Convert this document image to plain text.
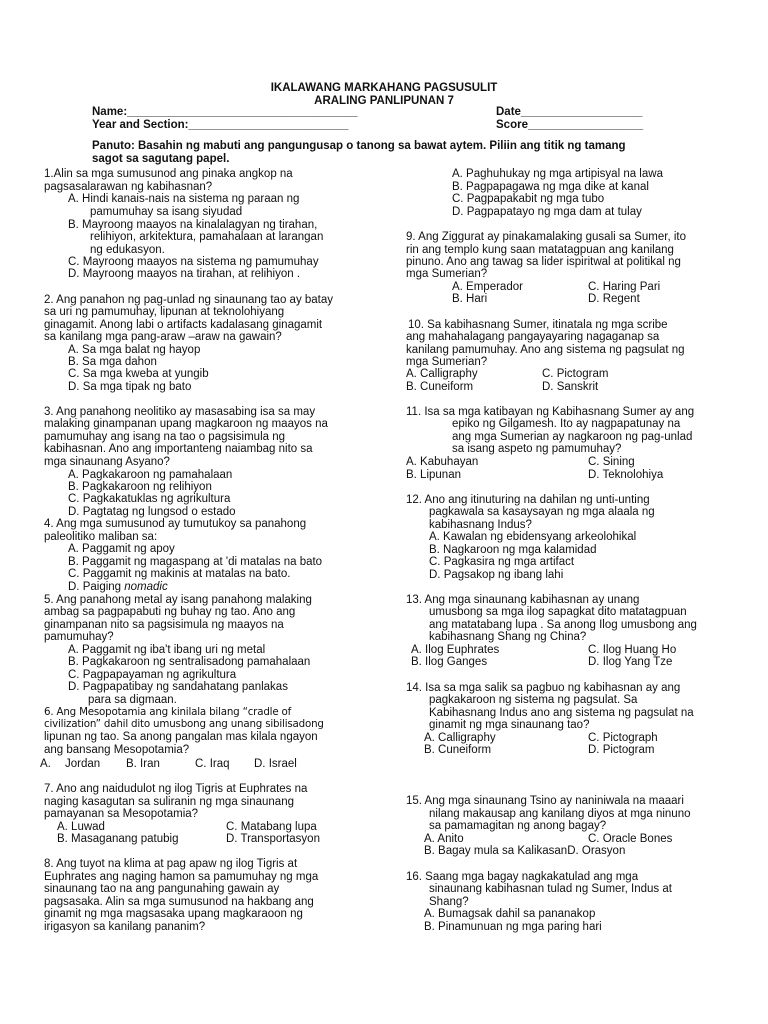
IKALAWANG MARKAHANG PAGSUSULIT
ARALING PANLIPUNAN 7
Name:____________________________________	Date___________________
Year and Section:_________________________	Score__________________
Panuto: Basahin ng mabuti ang pangungusap o tanong sa bawat aytem. Piliin ang titik ng tamang
sagot sa sagutang papel.
1.Alin sa mga sumusunod ang pinaka angkop na
pagsasalarawan ng kabihasnan?
A. Hindi kanais-nais na sistema ng paraan ng
pamumuhay sa isang siyudad
B. Mayroong maayos na kinalalagyan ng tirahan,
relihiyon, arkitektura, pamahalaan at larangan
ng edukasyon.
C. Mayroong maayos na sistema ng pamumuhay
D. Mayroong maayos na tirahan, at relihiyon .
2. Ang panahon ng pag-unlad ng sinaunang tao ay batay
sa uri ng pamumuhay, lipunan at teknolohiyang
ginagamit. Anong labi o artifacts kadalasang ginagamit
sa kanilang mga pang-araw –araw na gawain?
A. Sa mga balat ng hayop
B. Sa mga dahon
C. Sa mga kweba at yungib
D. Sa mga tipak ng bato
3. Ang panahong neolitiko ay masasabing isa sa may
malaking ginampanan upang magkaroon ng maayos na
pamumuhay ang isang na tao o pagsisimula ng
kabihasnan. Ano ang importanteng naiambag nito sa
mga sinaunang Asyano?
A. Pagkakaroon ng pamahalaan
B. Pagkakaroon ng relihiyon
C. Pagkakatuklas ng agrikultura
D. Pagtatag ng lungsod o estado
4. Ang mga sumusunod ay tumutukoy sa panahong
paleolitiko maliban sa:
A. Paggamit ng apoy
B. Paggamit ng magaspang at 'di matalas na bato
C. Paggamit ng makinis at matalas na bato.
D. Paiging nomadic
5. Ang panahong metal ay isang panahong malaking
ambag sa pagpapabuti ng buhay ng tao. Ano ang
ginampanan nito sa pagsisimula ng maayos na
pamumuhay?
A. Paggamit ng iba't ibang uri ng metal
B. Pagkakaroon ng sentralisadong pamahalaan
C. Pagpapayaman ng agrikultura
D. Pagpapatibay ng sandahatang panlakas
para sa digmaan.
6. Ang Mesopotamia ang kinilala bilang “cradle of
civilization” dahil dito umusbong ang unang sibilisadong
lipunan ng tao. Sa anong pangalan mas kilala ngayon
ang bansang Mesopotamia?
A. Jordan B. Iran	C. Iraq D. Israel
7. Ano ang naidudulot ng ilog Tigris at Euphrates na
naging kasagutan sa suliranin ng mga sinaunang
pamayanan sa Mesopotamia?
A. Luwad	C. Matabang lupa
B. Masaganang patubig	D. Transportasyon
8. Ang tuyot na klima at pag apaw ng ilog Tigris at
Euphrates ang naging hamon sa pamumuhay ng mga
sinaunang tao na ang pangunahing gawain ay
pagsasaka. Alin sa mga sumusunod na hakbang ang
ginamit ng mga magsasaka upang magkaraoon ng
irigasyon sa kanilang pananim?
A. Paghuhukay ng mga artipisyal na lawa
B. Pagpapagawa ng mga dike at kanal
C. Pagpapakabit ng mga tubo
D. Pagpapatayo ng mga dam at tulay
9. Ang Ziggurat ay pinakamalaking gusali sa Sumer, ito
rin ang templo kung saan matatagpuan ang kanilang
pinuno. Ano ang tawag sa lider ispiritwal at politikal ng
mga Sumerian?
A. Emperador	C. Haring Pari
B. Hari	D. Regent
10. Sa kabihasnang Sumer, itinatala ng mga scribe
ang mahahalagang pangayayaring nagaganap sa
kanilang pamumuhay. Ano ang sistema ng pagsulat ng
mga Sumerian?
A. Calligraphy	C. Pictogram
B. Cuneiform	D. Sanskrit
11. Isa sa mga katibayan ng Kabihasnang Sumer ay ang
epiko ng Gilgamesh. Ito ay nagpapatunay na
ang mga Sumerian ay nagkaroon ng pag-unlad
sa isang aspeto ng pamumuhay?
A. Kabuhayan	C. Sining
B. Lipunan	D. Teknolohiya
12. Ano ang itinuturing na dahilan ng unti-unting
pagkawala sa kasaysayan ng mga alaala ng
kabihasnang Indus?
A. Kawalan ng ebidensyang arkeolohikal
B. Nagkaroon ng mga kalamidad
C. Pagkasira ng mga artifact
D. Pagsakop ng ibang lahi
13. Ang mga sinaunang kabihasnan ay unang
umusbong sa mga ilog sapagkat dito matatagpuan
ang matatabang lupa . Sa anong Ilog umusbong ang
kabihasnang Shang ng China?
A. Ilog Euphrates	C. Ilog Huang Ho
B. Ilog Ganges	D. Ilog Yang Tze
14. Isa sa mga salik sa pagbuo ng kabihasnan ay ang
pagkakaroon ng sistema ng pagsulat. Sa
Kabihasnang Indus ano ang sistema ng pagsulat na
ginamit ng mga sinaunang tao?
A. Calligraphy	C. Pictograph
B. Cuneiform	D. Pictogram
15. Ang mga sinaunang Tsino ay naniniwala na maaari
nilang makausap ang kanilang diyos at mga ninuno
sa pamamagitan ng anong bagay?
A. Anito	C. Oracle Bones
B. Bagay mula sa KalikasanD. Orasyon
16. Saang mga bagay nagkakatulad ang mga
sinaunang kabihasnan tulad ng Sumer, Indus at
Shang?
A. Bumagsak dahil sa pananakop
B. Pinamunuan ng mga paring hari
